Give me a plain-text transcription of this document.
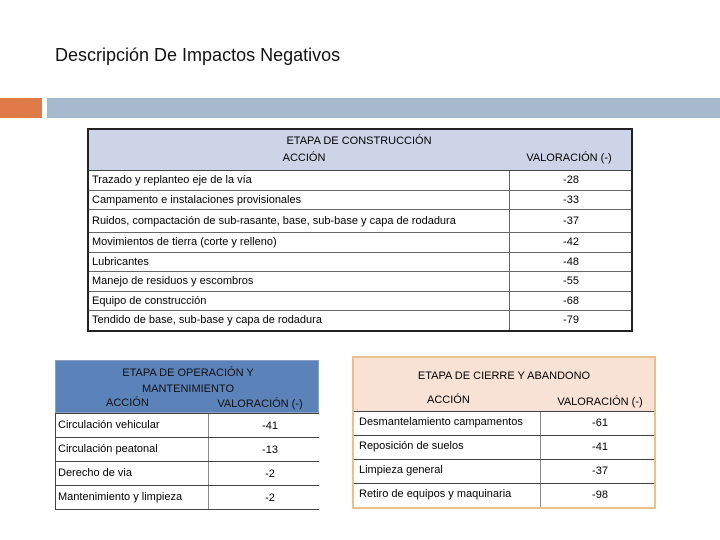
Descripción De Impactos Negativos
ETAPA DE CONSTRUCCIÓN
ACCIÓN	VALORACIÓN (-)
Trazado y replanteo eje de la vía	-28
Campamento e instalaciones provisionales	-33
Ruidos, compactación de sub-rasante, base, sub-base y capa de rodadura	-37
Movimientos de tierra (corte y relleno)	-42
Lubricantes	-48
Manejo de residuos y escombros	-55
Equipo de construcción	-68
Tendido de base, sub-base y capa de rodadura	-79
ETAPA DE OPERACIÓN Y
MANTENIMIENTO
ACCIÓN	VALORACIÓN (-)
Circulación vehicular	-41
Circulación peatonal	-13
Derecho de via	-2
Mantenimiento y limpieza	-2
ETAPA DE CIERRE Y ABANDONO
ACCIÓN	VALORACIÓN (-)
Desmantelamiento campamentos	-61
Reposición de suelos	-41
Limpieza general	-37
Retiro de equipos y maquinaria	-98
